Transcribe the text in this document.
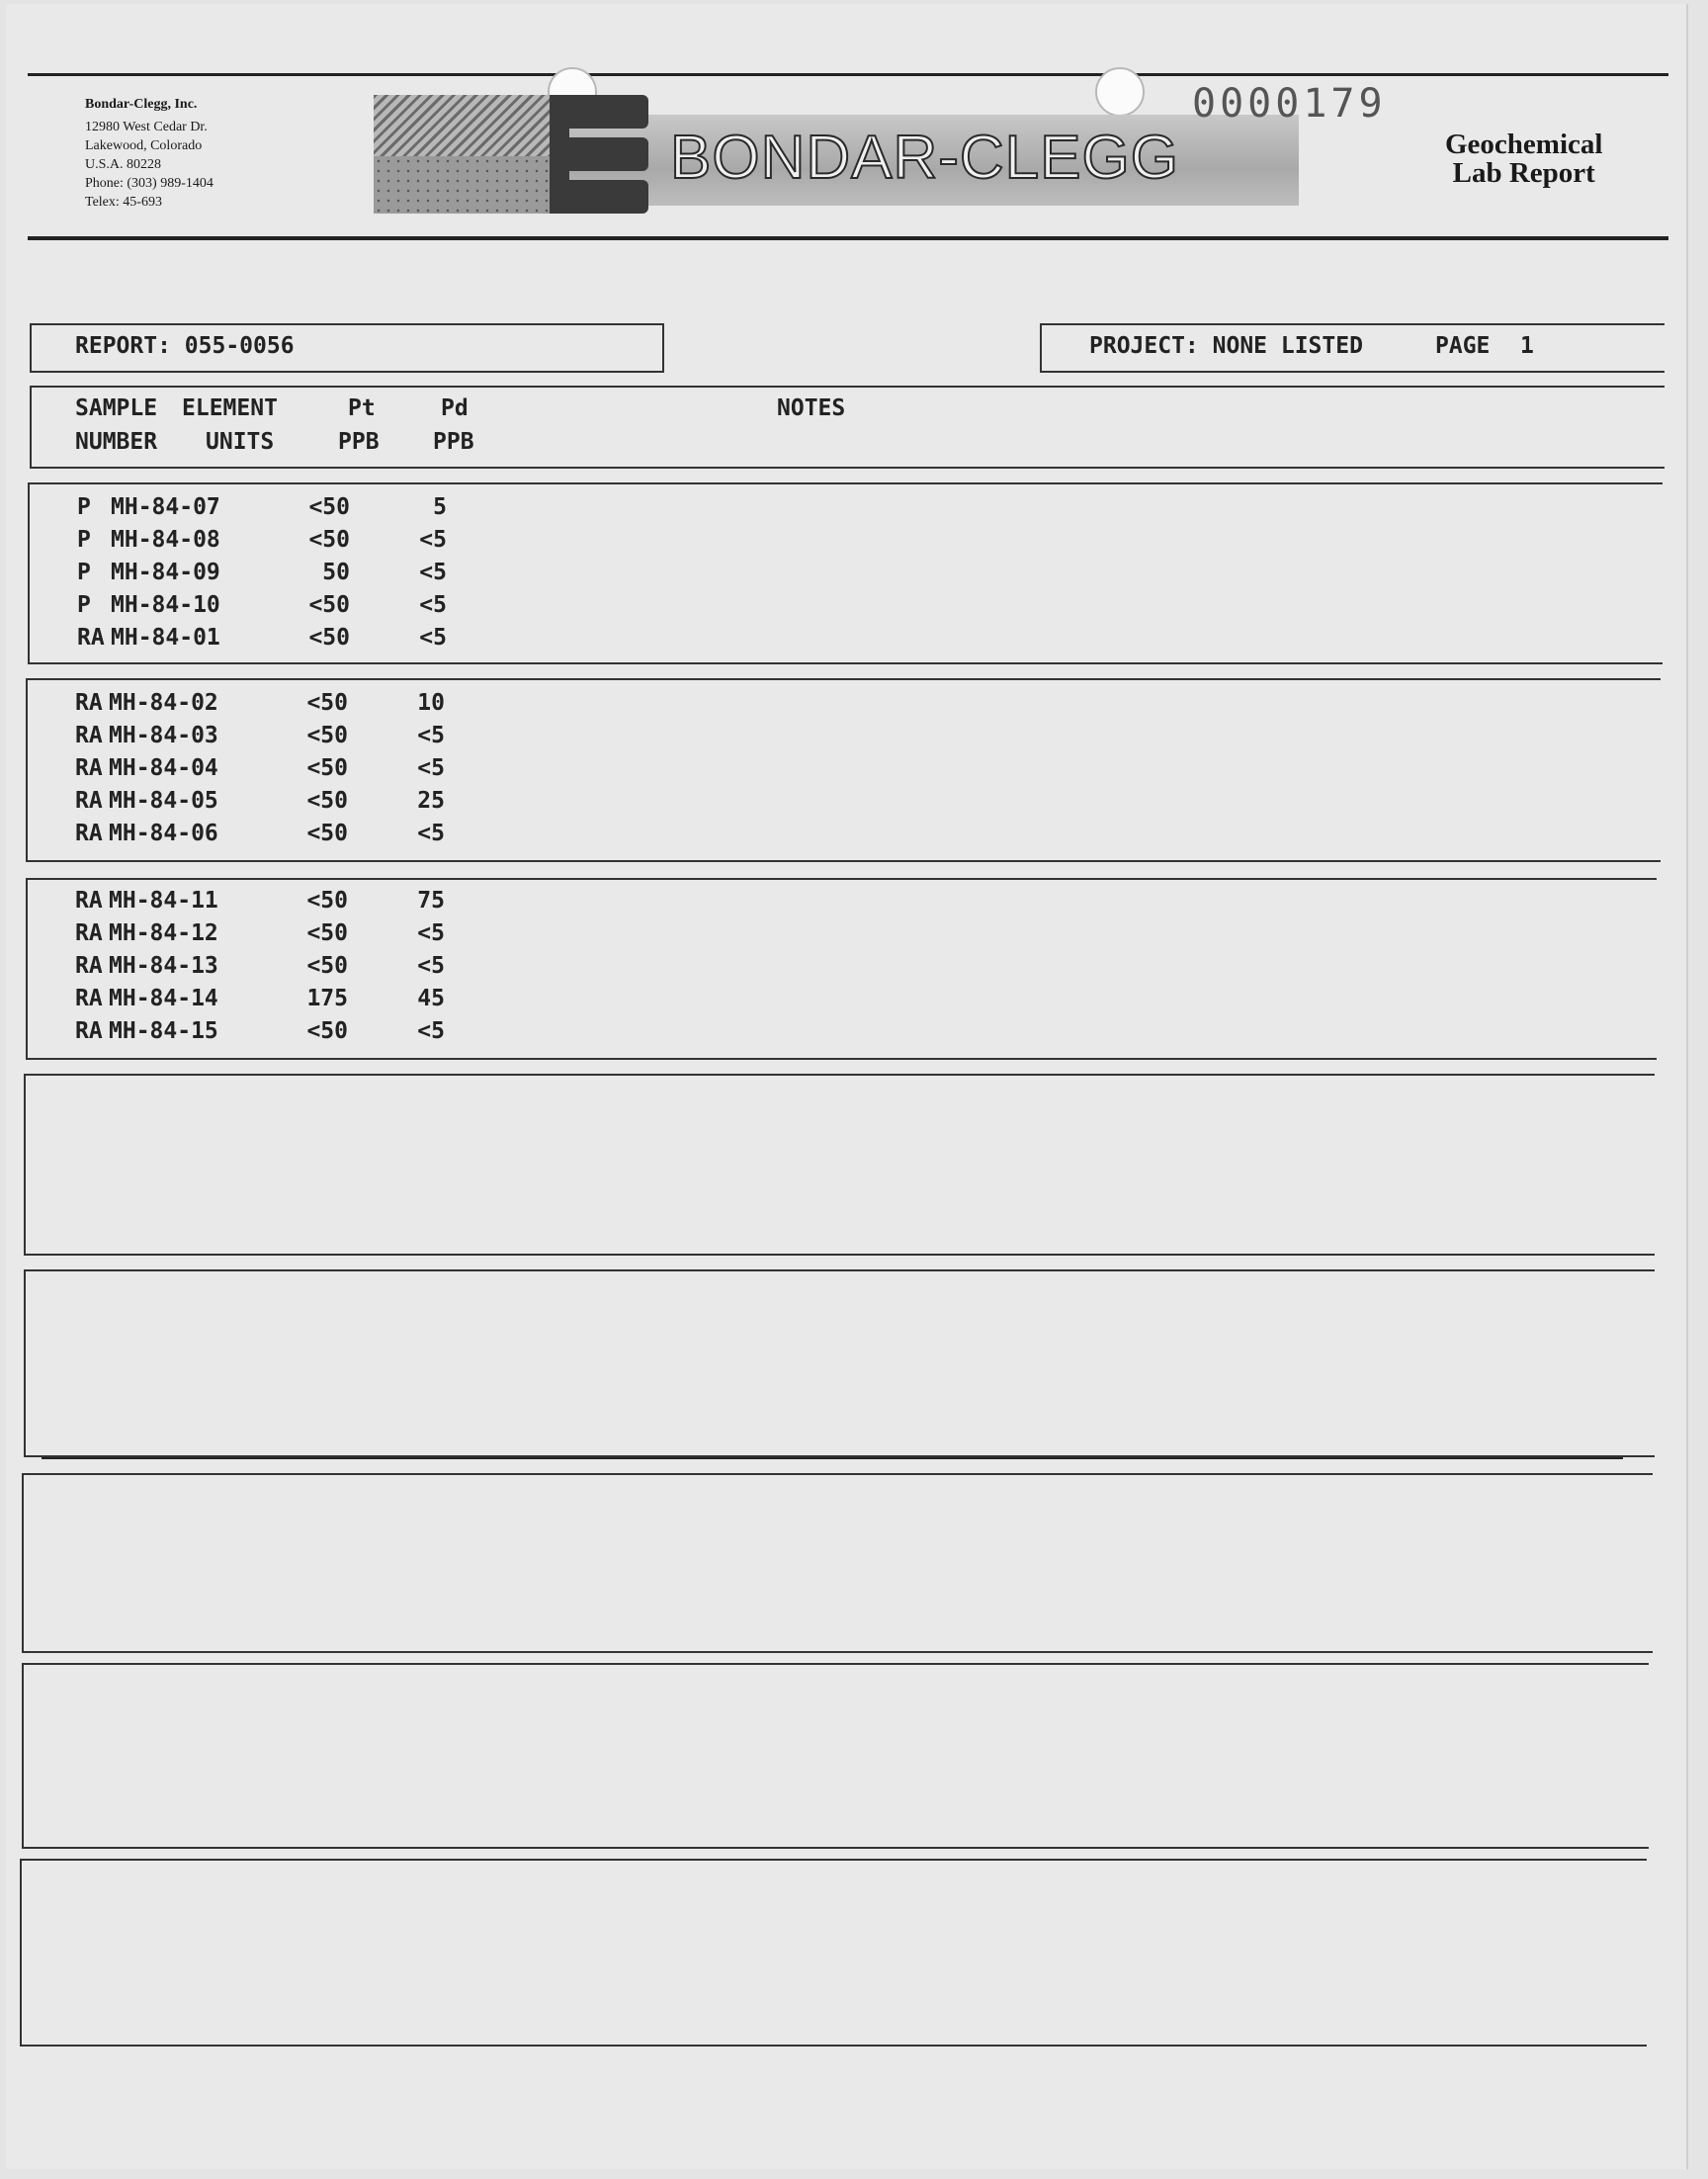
Bondar-Clegg, Inc.
12980 West Cedar Dr.
Lakewood, Colorado
U.S.A. 80228
Phone: (303) 989-1404
Telex: 45-693
BONDAR-CLEGG
0000179
Geochemical
Lab Report
REPORT: 055-0056	PROJECT: NONE LISTED	PAGE 1
SAMPLE ELEMENT	Pt	Pd	NOTES
NUMBER UNITS	PPB PPB
P MH-84-07	<50	5
P MH-84-08	<50	<5
P MH-84-09	50	<5
P MH-84-10	<50	<5
RA MH-84-01	<50	<5
RA MH-84-02	<50	10
RA MH-84-03	<50	<5
RA MH-84-04	<50	<5
RA MH-84-05	<50	25
RA MH-84-06	<50	<5
RA MH-84-11	<50	75
RA MH-84-12	<50	<5
RA MH-84-13	<50	<5
RA MH-84-14	175	45
RA MH-84-15	<50	<5
